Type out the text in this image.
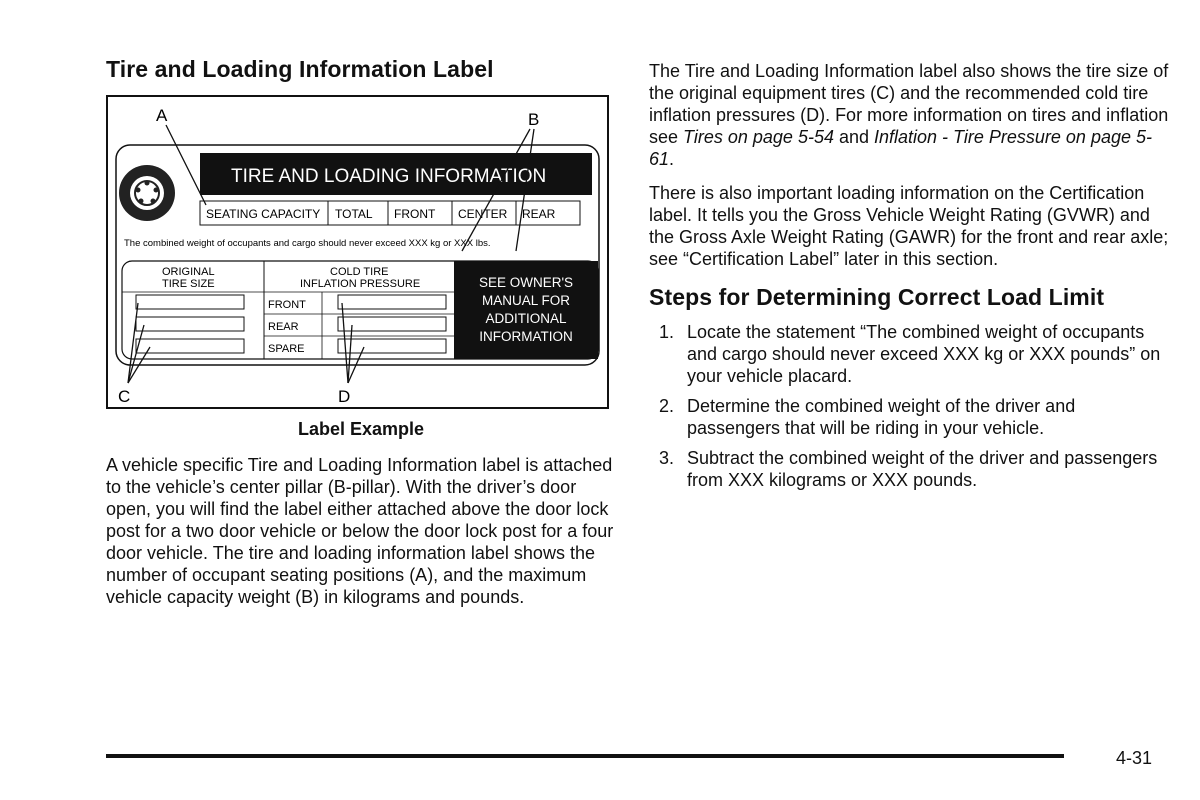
Tire and Loading Information Label
A	B
C	D
TIRE AND LOADING INFORMATION
SEATING CAPACITY TOTAL FRONT CENTER REAR
The combined weight of occupants and cargo should never exceed XXX kg or XXX lbs.
ORIGINAL
TIRE SIZE
COLD TIRE
INFLATION PRESSURE
FRONT
REAR
SPARE
SEE OWNER'S
MANUAL FOR
ADDITIONAL
INFORMATION
Label Example

A vehicle specific Tire and Loading Information label is attached to the vehicle’s center pillar (B-pillar). With the driver’s door open, you will find the label either attached above the door lock post for a two door vehicle or below the door lock post for a four door vehicle. The tire and loading information label shows the number of occupant seating positions (A), and the maximum vehicle capacity weight (B) in kilograms and pounds.

The Tire and Loading Information label also shows the tire size of the original equipment tires (C) and the recommended cold tire inflation pressures (D). For more information on tires and inflation see Tires on page 5-54 and Inflation - Tire Pressure on page 5-61.

There is also important loading information on the Certification label. It tells you the Gross Vehicle Weight Rating (GVWR) and the Gross Axle Weight Rating (GAWR) for the front and rear axle; see “Certification Label” later in this section.

Steps for Determining Correct Load Limit
1. Locate the statement “The combined weight of occupants and cargo should never exceed XXX kg or XXX pounds” on your vehicle placard.
2. Determine the combined weight of the driver and passengers that will be riding in your vehicle.
3. Subtract the combined weight of the driver and passengers from XXX kilograms or XXX pounds.
4-31
